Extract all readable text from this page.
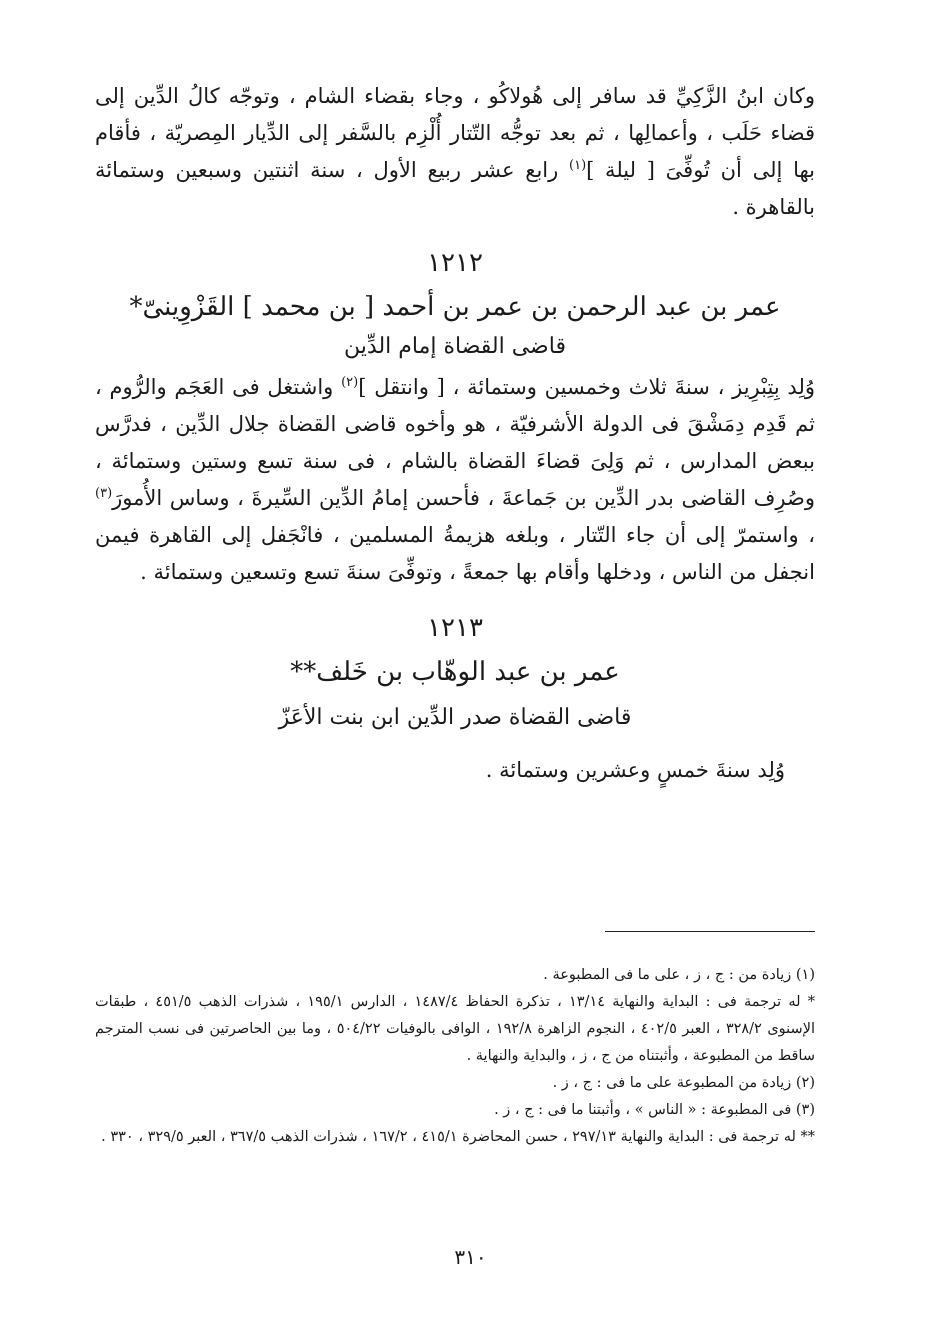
وكان ابنُ الزَّكِيِّ قد سافر إلى هُولاكُو ، وجاء بقضاء الشام ، وتوجّه كالُ الدِّين إلى قضاء حَلَب ، وأعمالِها ، ثم بعد توجُّه التّتار أُلْزِم بالسَّفر إلى الدِّيار المِصريّة ، فأقام بها إلى أن تُوفِّىَ [ ليلة ]$^{(١)}$ رابع عشر ربيع الأول ، سنة اثنتين وسبعين وستمائة بالقاهرة .

١٢١٢
عمر بن عبد الرحمن بن عمر بن أحمد [ بن محمد ] القَزْوِينىّ*
قاضى القضاة إمام الدِّين

وُلِد بِتِبْرِيز ، سنةَ ثلاث وخمسين وستمائة ، [ وانتقل ]$^{(٢)}$ واشتغل فى العَجَم والرُّوم ، ثم قَدِم دِمَشْقَ فى الدولة الأشرفيّة ، هو وأخوه قاضى القضاة جلال الدِّين ، فدرَّس ببعض المدارس ، ثم وَلِىَ قضاءَ القضاة بالشام ، فى سنة تسع وستين وستمائة ، وصُرِف القاضى بدر الدِّين بن جَماعةَ ، فأحسن إمامُ الدِّين السِّيرةَ ، وساس الأُمورَ$^{(٣)}$ ، واستمرّ إلى أن جاء التّتار ، وبلغه هزيمةُ المسلمين ، فانْجَفل إلى القاهرة فيمن انجفل من الناس ، ودخلها وأقام بها جمعةً ، وتوفِّىَ سنةَ تسع وتسعين وستمائة .

١٢١٣
عمر بن عبد الوهّاب بن خَلف**
قاضى القضاة صدر الدِّين ابن بنت الأعَزّ

وُلِد سنةَ خمسٍ وعشرين وستمائة .

(١) زيادة من : ج ، ز ، على ما فى المطبوعة .

* له ترجمة فى : البداية والنهاية ١٣/١٤ ، تذكرة الحفاظ ١٤٨٧/٤ ، الدارس ١٩٥/١ ، شذرات الذهب ٤٥١/٥ ، طبقات الإسنوى ٣٢٨/٢ ، العبر ٤٠٢/٥ ، النجوم الزاهرة ١٩٢/٨ ، الوافى بالوفيات ٥٠٤/٢٢ ، وما بين الحاصرتين فى نسب المترجم ساقط من المطبوعة ، وأثبتناه من ج ، ز ، والبداية والنهاية .

(٢) زيادة من المطبوعة على ما فى : ج ، ز .

(٣) فى المطبوعة : « الناس » ، وأثبتنا ما فى : ج ، ز .

** له ترجمة فى : البداية والنهاية ٢٩٧/١٣ ، حسن المحاضرة ٤١٥/١ ، ١٦٧/٢ ، شذرات الذهب ٣٦٧/٥ ، العبر ٣٢٩/٥ ، ٣٣٠ .

٣١٠
